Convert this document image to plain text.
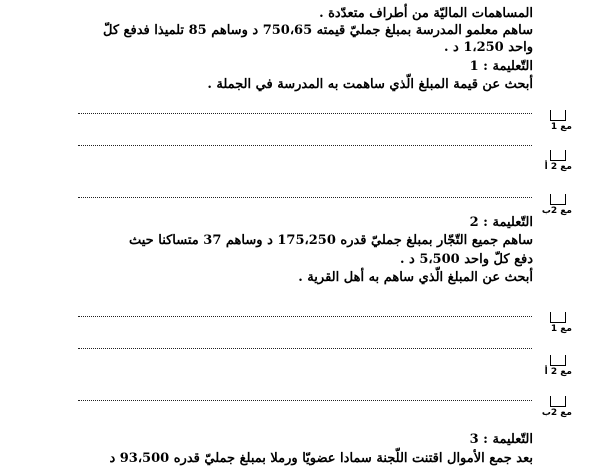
المساهمات الماليّة من أطراف متعدّدة .
ساهم معلمو المدرسة بمبلغ جمليّ قيمته 750،65 د وساهم 85 تلميذا فدفع كلّ
واحد 1،250 د .
التّعليمة : 1
أبحث عن قيمة المبلغ الّذي ساهمت به المدرسة في الجملة .
مع 1
مع 2 أ
مع 2ب
التّعليمة : 2
ساهم جميع التّجّار بمبلغ جمليّ قدره 175،250 د وساهم 37 متساكنا حيث
دفع كلّ واحد 5،500 د .
أبحث عن المبلغ الّذي ساهم به أهل القرية .
مع 1
مع 2 أ
مع 2ب
التّعليمة : 3
بعد جمع الأموال اقتنت اللّجنة سمادا عضويّا ورملا بمبلغ جمليّ قدره 93،500 د
